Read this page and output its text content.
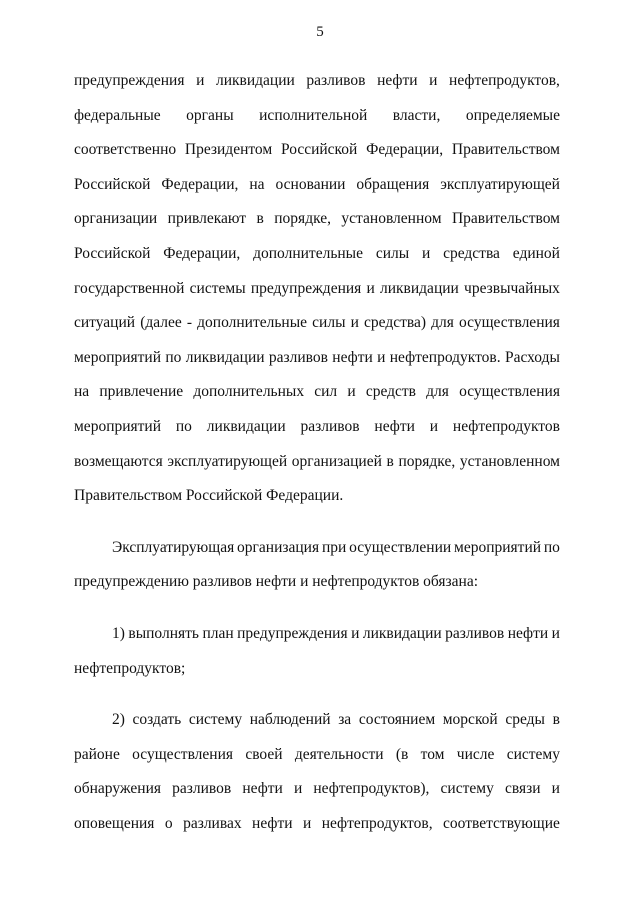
5
предупреждения и ликвидации разливов нефти и нефтепродуктов,
федеральные органы исполнительной власти, определяемые
соответственно Президентом Российской Федерации, Правительством
Российской Федерации, на основании обращения эксплуатирующей
организации привлекают в порядке, установленном Правительством
Российской Федерации, дополнительные силы и средства единой
государственной системы предупреждения и ликвидации чрезвычайных
ситуаций (далее - дополнительные силы и средства) для осуществления
мероприятий по ликвидации разливов нефти и нефтепродуктов. Расходы
на привлечение дополнительных сил и средств для осуществления
мероприятий по ликвидации разливов нефти и нефтепродуктов
возмещаются эксплуатирующей организацией в порядке, установленном
Правительством Российской Федерации.
Эксплуатирующая организация при осуществлении мероприятий по
предупреждению разливов нефти и нефтепродуктов обязана:
1) выполнять план предупреждения и ликвидации разливов нефти и
нефтепродуктов;
2) создать систему наблюдений за состоянием морской среды в
районе осуществления своей деятельности (в том числе систему
обнаружения разливов нефти и нефтепродуктов), систему связи и
оповещения о разливах нефти и нефтепродуктов, соответствующие
